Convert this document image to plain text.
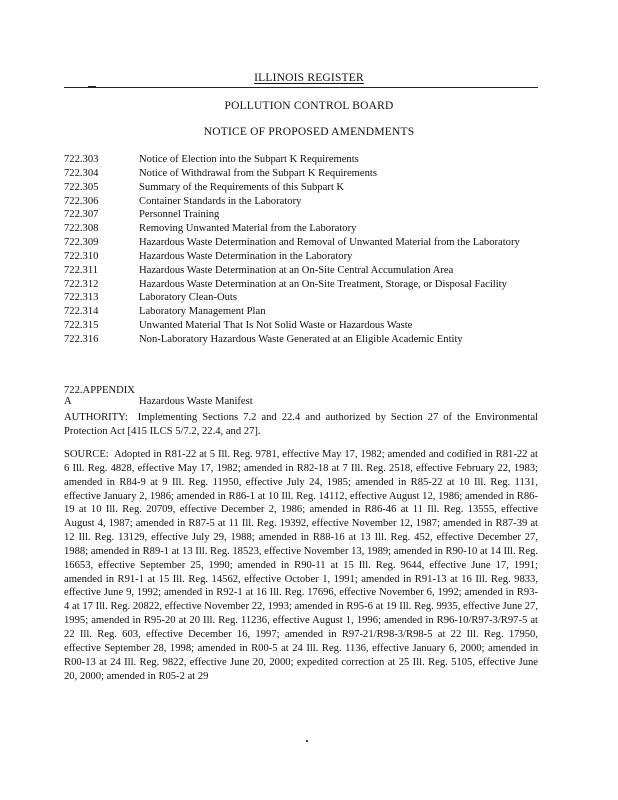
ILLINOIS REGISTER
POLLUTION CONTROL BOARD
NOTICE OF PROPOSED AMENDMENTS
722.303	Notice of Election into the Subpart K Requirements
722.304	Notice of Withdrawal from the Subpart K Requirements
722.305	Summary of the Requirements of this Subpart K
722.306	Container Standards in the Laboratory
722.307	Personnel Training
722.308	Removing Unwanted Material from the Laboratory
722.309	Hazardous Waste Determination and Removal of Unwanted Material from the Laboratory
722.310	Hazardous Waste Determination in the Laboratory
722.311	Hazardous Waste Determination at an On-Site Central Accumulation Area
722.312	Hazardous Waste Determination at an On-Site Treatment, Storage, or Disposal Facility
722.313	Laboratory Clean-Outs
722.314	Laboratory Management Plan
722.315	Unwanted Material That Is Not Solid Waste or Hazardous Waste
722.316	Non-Laboratory Hazardous Waste Generated at an Eligible Academic Entity
722.APPENDIX A	Hazardous Waste Manifest
AUTHORITY: Implementing Sections 7.2 and 22.4 and authorized by Section 27 of the Environmental Protection Act [415 ILCS 5/7.2, 22.4, and 27].
SOURCE: Adopted in R81-22 at 5 Ill. Reg. 9781, effective May 17, 1982; amended and codified in R81-22 at 6 Ill. Reg. 4828, effective May 17, 1982; amended in R82-18 at 7 Ill. Reg. 2518, effective February 22, 1983; amended in R84-9 at 9 Ill. Reg. 11950, effective July 24, 1985; amended in R85-22 at 10 Ill. Reg. 1131, effective January 2, 1986; amended in R86-1 at 10 Ill. Reg. 14112, effective August 12, 1986; amended in R86-19 at 10 Ill. Reg. 20709, effective December 2, 1986; amended in R86-46 at 11 Ill. Reg. 13555, effective August 4, 1987; amended in R87-5 at 11 Ill. Reg. 19392, effective November 12, 1987; amended in R87-39 at 12 Ill. Reg. 13129, effective July 29, 1988; amended in R88-16 at 13 Ill. Reg. 452, effective December 27, 1988; amended in R89-1 at 13 Ill. Reg. 18523, effective November 13, 1989; amended in R90-10 at 14 Ill. Reg. 16653, effective September 25, 1990; amended in R90-11 at 15 Ill. Reg. 9644, effective June 17, 1991; amended in R91-1 at 15 Ill. Reg. 14562, effective October 1, 1991; amended in R91-13 at 16 Ill. Reg. 9833, effective June 9, 1992; amended in R92-1 at 16 Ill. Reg. 17696, effective November 6, 1992; amended in R93-4 at 17 Ill. Reg. 20822, effective November 22, 1993; amended in R95-6 at 19 Ill. Reg. 9935, effective June 27, 1995; amended in R95-20 at 20 Ill. Reg. 11236, effective August 1, 1996; amended in R96-10/R97-3/R97-5 at 22 Ill. Reg. 603, effective December 16, 1997; amended in R97-21/R98-3/R98-5 at 22 Ill. Reg. 17950, effective September 28, 1998; amended in R00-5 at 24 Ill. Reg. 1136, effective January 6, 2000; amended in R00-13 at 24 Ill. Reg. 9822, effective June 20, 2000; expedited correction at 25 Ill. Reg. 5105, effective June 20, 2000; amended in R05-2 at 29
